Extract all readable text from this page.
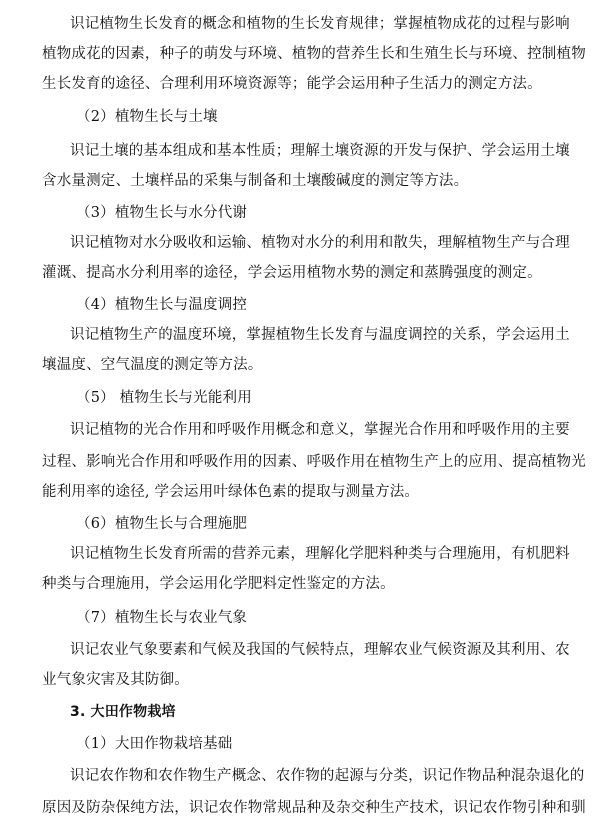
识记植物生长发育的概念和植物的生长发育规律；掌握植物成花的过程与影响
植物成花的因素，种子的萌发与环境、植物的营养生长和生殖生长与环境、控制植物
生长发育的途径、合理利用环境资源等；能学会运用种子生活力的测定方法。
（2）植物生长与土壤
识记土壤的基本组成和基本性质；理解土壤资源的开发与保护、学会运用土壤
含水量测定、土壤样品的采集与制备和土壤酸碱度的测定等方法。
（3）植物生长与水分代谢
识记植物对水分吸收和运输、植物对水分的利用和散失，理解植物生产与合理
灌溉、提高水分利用率的途径，学会运用植物水势的测定和蒸腾强度的测定。
（4）植物生长与温度调控
识记植物生产的温度环境，掌握植物生长发育与温度调控的关系，学会运用土
壤温度、空气温度的测定等方法。
（5） 植物生长与光能利用
识记植物的光合作用和呼吸作用概念和意义，掌握光合作用和呼吸作用的主要
过程、影响光合作用和呼吸作用的因素、呼吸作用在植物生产上的应用、提高植物光
能利用率的途径, 学会运用叶绿体色素的提取与测量方法。
（6）植物生长与合理施肥
识记植物生长发育所需的营养元素，理解化学肥料种类与合理施用，有机肥料
种类与合理施用，学会运用化学肥料定性鉴定的方法。
（7）植物生长与农业气象
识记农业气象要素和气候及我国的气候特点，理解农业气候资源及其利用、农
业气象灾害及其防御。
3. 大田作物栽培
（1）大田作物栽培基础
识记农作物和农作物生产概念、农作物的起源与分类，识记作物品种混杂退化的
原因及防杂保纯方法，识记农作物常规品种及杂交种生产技术，识记农作物引种和驯
